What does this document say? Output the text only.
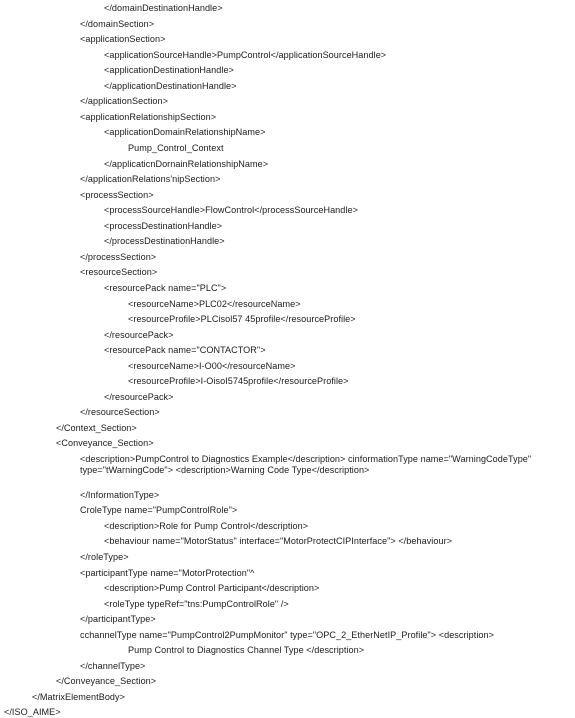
</domainDestinationHandle>
</domainSection>
<applicationSection>
<applicationSourceHandle>PumpControl</applicationSourceHandle>
<applicationDestinationHandle>
</applicationDestinationHandle>
</applicationSection>
<applicationRelationshipSection>
<applicationDomainRelationshipName>
Pump_Control_Context
</applicaticnDornainRelationshipName>
</applicationRelations'nipSection>
<processSection>
<processSourceHandle>FlowControl</processSourceHandle>
<processDestinationHandle>
</processDestinationHandle>
</processSection>
<resourceSection>
<resourcePack name="PLC">
<resourceName>PLC02</resourceName>
<resourceProfile>PLCisol57 45profile</resourceProfile>
</resourcePack>
<resourcePack name="CONTACTOR">
<resourceName>I-O00</resourceName>
<resourceProfile>I-OisoI5745profile</resourceProfile>
</resourcePack>
</resourceSection>
</Context_Section>
<Conveyance_Section>
<description>PumpControl to Diagnostics Example</description> cinformationType name="WarningCodeType" type="tWarningCode"> <description>Warning Code Type</description>
</InformationType>
CroleType name="PumpControlRole">
<description>Role for Pump Control</description>
<behaviour name="MotorStatus" interface="MotorProtectCIPInterface"> </behaviour>
</roleType>
<participantType name="MotorProtection"^
<description>Pump Control Participant</description>
<roleType typeRef="tns:PumpControlRole" />
</participantType>
cchannelType name="PumpControl2PumpMonitor" type="OPC_2_EtherNetIP_Profile"> <description>
Pump Control to Diagnostics Channel Type </description>
</channelType>
</Conveyance_Section>
</MatrixElementBody>
</ISO_AIME>
